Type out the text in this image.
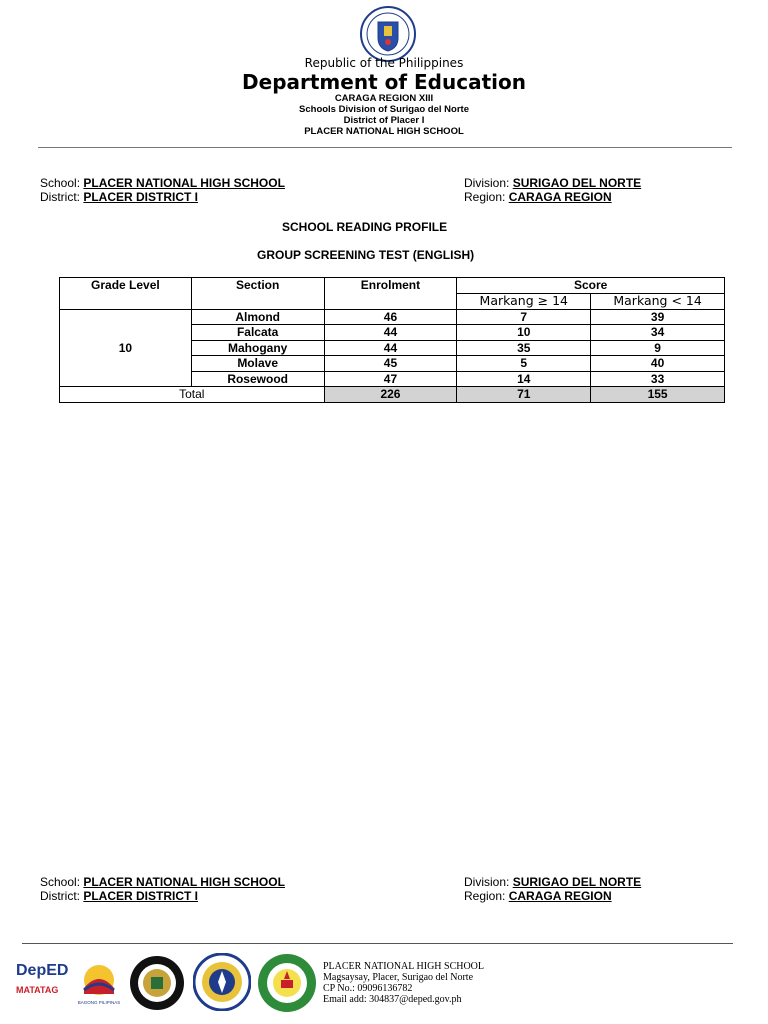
Republic of the Philippines
Department of Education
CARAGA REGION XIII
Schools Division of Surigao del Norte
District of Placer I
PLACER NATIONAL HIGH SCHOOL
School: PLACER NATIONAL HIGH SCHOOL
District: PLACER DISTRICT I
Division: SURIGAO DEL NORTE
Region: CARAGA REGION
SCHOOL READING PROFILE
GROUP SCREENING TEST (ENGLISH)
Grade Level	Section	Enrolment	Score	
			Markang ≥ 14	Markang < 14
10	Almond	46	7	39
	Falcata	44	10	34
	Mahogany	44	35	9
	Molave	45	5	40
	Rosewood	47	14	33
Total		226	71	155
School: PLACER NATIONAL HIGH SCHOOL
District: PLACER DISTRICT I
Division: SURIGAO DEL NORTE
Region: CARAGA REGION
DepED
MATATAG
BAGONG PILIPINAS
PLACER NATIONAL HIGH SCHOOL
Magsaysay, Placer, Surigao del Norte
CP No.: 09096136782
Email add: 304837@deped.gov.ph
